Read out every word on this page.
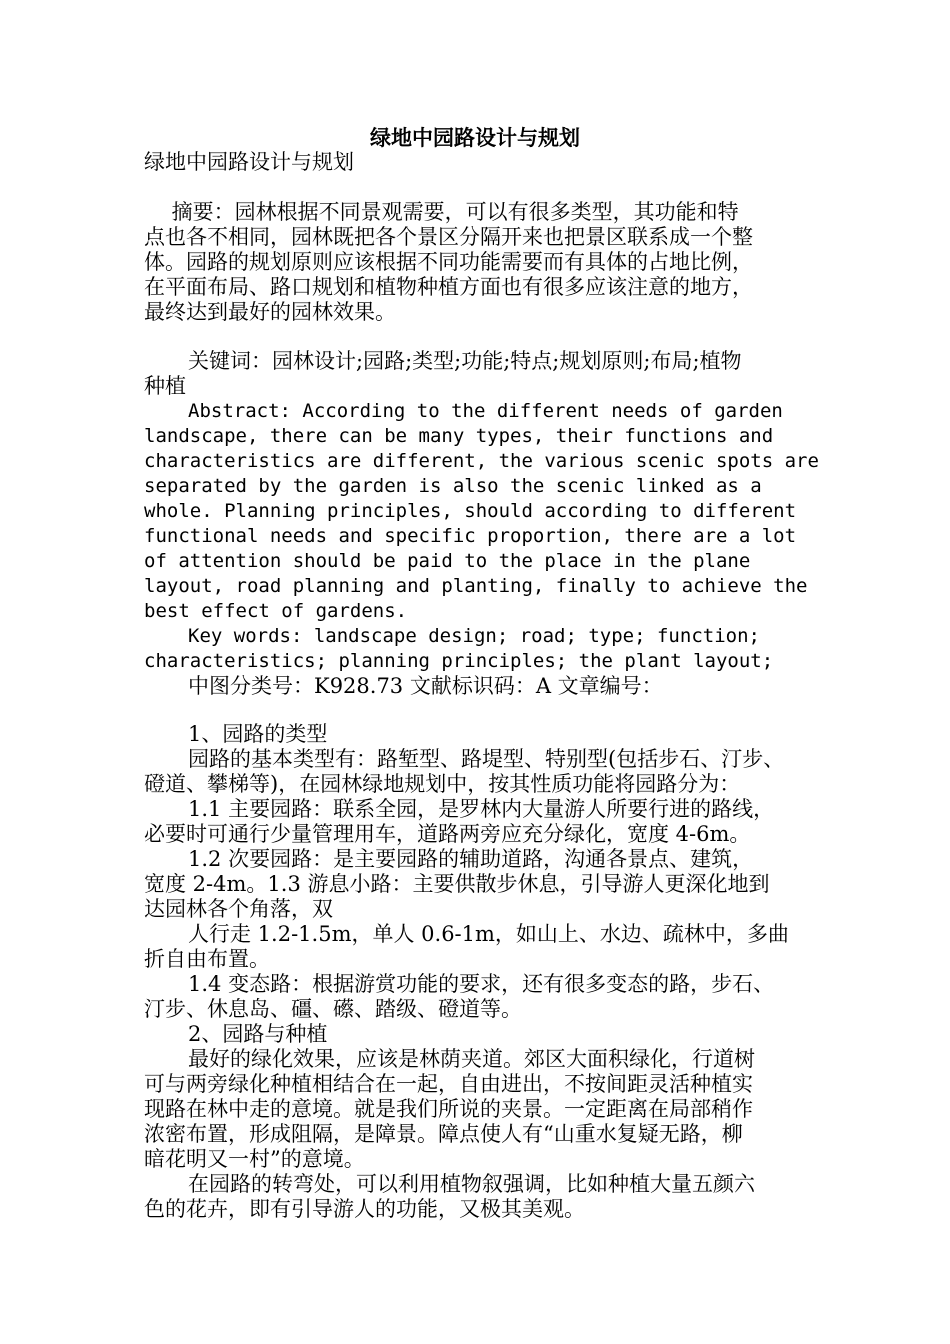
绿地中园路设计与规划
绿地中园路设计与规划
　 摘要：园林根据不同景观需要，可以有很多类型，其功能和特
点也各不相同，园林既把各个景区分隔开来也把景区联系成一个整
体。园路的规划原则应该根据不同功能需要而有具体的占地比例，
在平面布局、路口规划和植物种植方面也有很多应该注意的地方，
最终达到最好的园林效果。
关键词：园林设计;园路;类型;功能;特点;规划原则;布局;植物
种植
Abstract: According to the different needs of garden
landscape, there can be many types, their functions and
characteristics are different, the various scenic spots are
separated by the garden is also the scenic linked as a
whole. Planning principles, should according to different
functional needs and specific proportion, there are a lot
of attention should be paid to the place in the plane
layout, road planning and planting, finally to achieve the
best effect of gardens.
Key words: landscape design; road; type; function;
characteristics; planning principles; the plant layout;
中图分类号：K928.73 文献标识码：A 文章编号：
1、园路的类型
园路的基本类型有：路堑型、路堤型、特别型(包括步石、汀步、
磴道、攀梯等)，在园林绿地规划中，按其性质功能将园路分为：
1.1 主要园路：联系全园，是罗林内大量游人所要行进的路线，
必要时可通行少量管理用车，道路两旁应充分绿化，宽度 4-6m。
1.2 次要园路：是主要园路的辅助道路，沟通各景点、建筑，
宽度 2-4m。1.3 游息小路：主要供散步休息，引导游人更深化地到
达园林各个角落，双
人行走 1.2-1.5m，单人 0.6-1m，如山上、水边、疏林中，多曲
折自由布置。
1.4 变态路：根据游赏功能的要求，还有很多变态的路，步石、
汀步、休息岛、礓、礤、踏级、磴道等。
2、园路与种植
最好的绿化效果，应该是林荫夹道。郊区大面积绿化，行道树
可与两旁绿化种植相结合在一起，自由进出，不按间距灵活种植实
现路在林中走的意境。就是我们所说的夹景。一定距离在局部稍作
浓密布置，形成阻隔，是障景。障点使人有“山重水复疑无路，柳
暗花明又一村”的意境。
在园路的转弯处，可以利用植物叙强调，比如种植大量五颜六
色的花卉，即有引导游人的功能，又极其美观。
